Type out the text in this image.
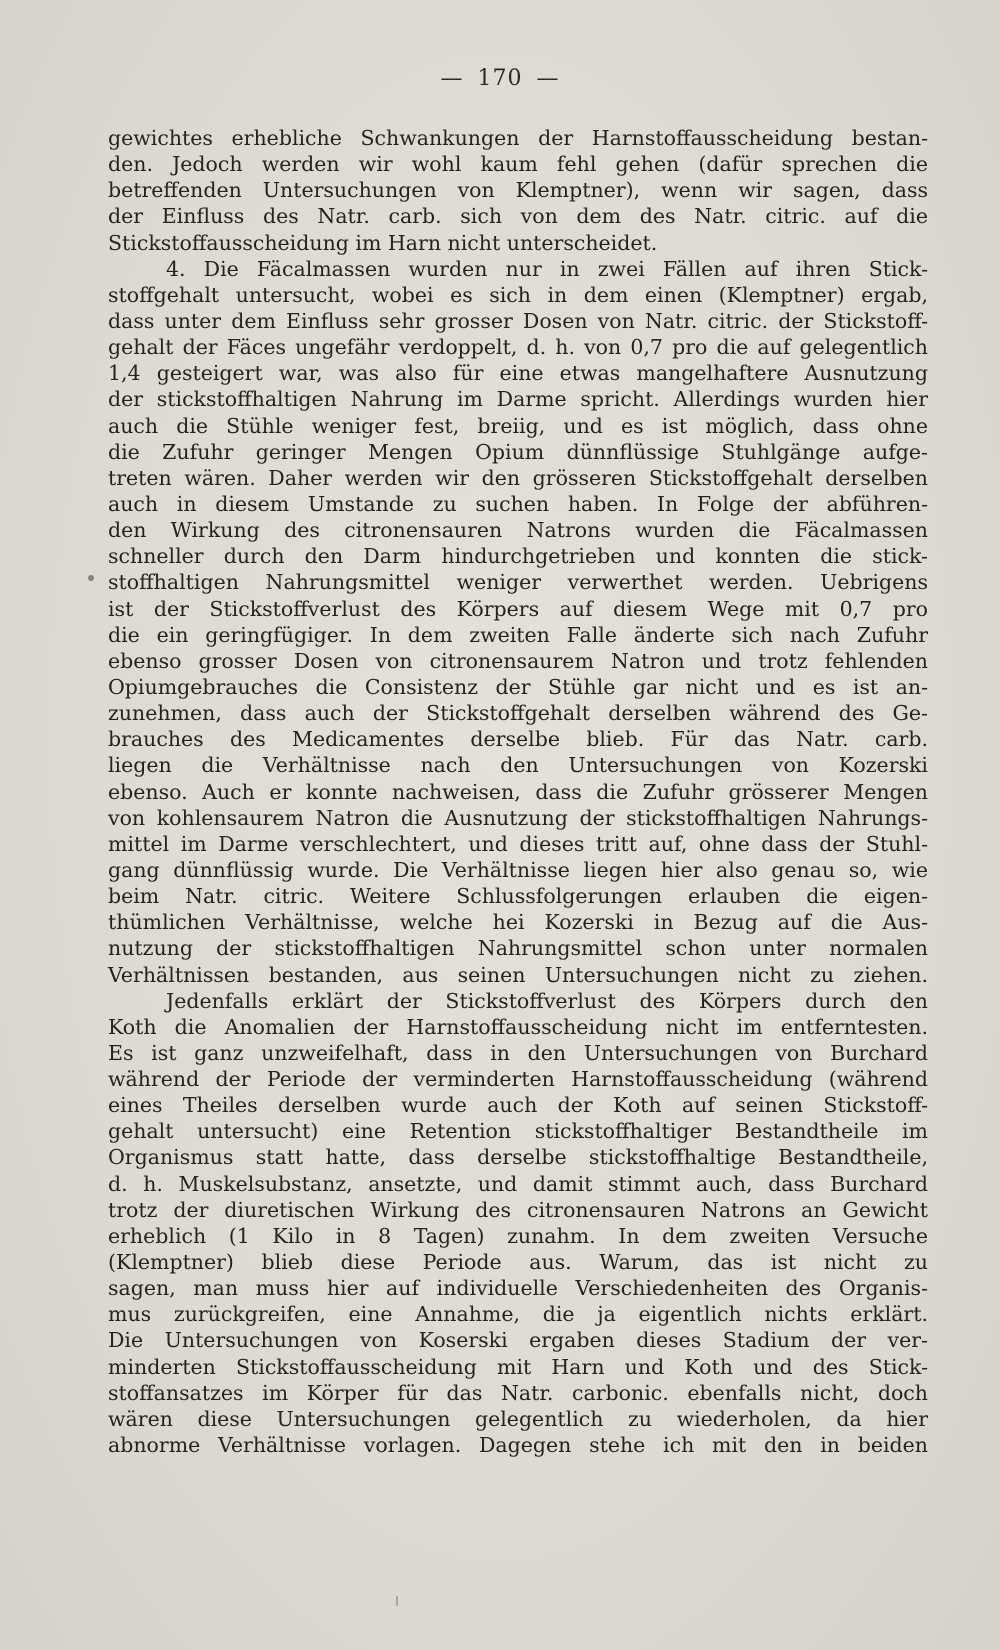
— 170 —
gewichtes erhebliche Schwankungen der Harnstoffausscheidung bestan-
den. Jedoch werden wir wohl kaum fehl gehen (dafür sprechen die
betreffenden Untersuchungen von Klemptner), wenn wir sagen, dass
der Einfluss des Natr. carb. sich von dem des Natr. citric. auf die
Stickstoffausscheidung im Harn nicht unterscheidet.
4. Die Fäcalmassen wurden nur in zwei Fällen auf ihren Stick-
stoffgehalt untersucht, wobei es sich in dem einen (Klemptner) ergab,
dass unter dem Einfluss sehr grosser Dosen von Natr. citric. der Stickstoff-
gehalt der Fäces ungefähr verdoppelt, d. h. von 0,7 pro die auf gelegentlich
1,4 gesteigert war, was also für eine etwas mangelhaftere Ausnutzung
der stickstoffhaltigen Nahrung im Darme spricht. Allerdings wurden hier
auch die Stühle weniger fest, breiig, und es ist möglich, dass ohne
die Zufuhr geringer Mengen Opium dünnflüssige Stuhlgänge aufge-
treten wären. Daher werden wir den grösseren Stickstoffgehalt derselben
auch in diesem Umstande zu suchen haben. In Folge der abführen-
den Wirkung des citronensauren Natrons wurden die Fäcalmassen
schneller durch den Darm hindurchgetrieben und konnten die stick-
stoffhaltigen Nahrungsmittel weniger verwerthet werden. Uebrigens
ist der Stickstoffverlust des Körpers auf diesem Wege mit 0,7 pro
die ein geringfügiger. In dem zweiten Falle änderte sich nach Zufuhr
ebenso grosser Dosen von citronensaurem Natron und trotz fehlenden
Opiumgebrauches die Consistenz der Stühle gar nicht und es ist an-
zunehmen, dass auch der Stickstoffgehalt derselben während des Ge-
brauches des Medicamentes derselbe blieb. Für das Natr. carb.
liegen die Verhältnisse nach den Untersuchungen von Kozerski
ebenso. Auch er konnte nachweisen, dass die Zufuhr grösserer Mengen
von kohlensaurem Natron die Ausnutzung der stickstoffhaltigen Nahrungs-
mittel im Darme verschlechtert, und dieses tritt auf, ohne dass der Stuhl-
gang dünnflüssig wurde. Die Verhältnisse liegen hier also genau so, wie
beim Natr. citric. Weitere Schlussfolgerungen erlauben die eigen-
thümlichen Verhältnisse, welche hei Kozerski in Bezug auf die Aus-
nutzung der stickstoffhaltigen Nahrungsmittel schon unter normalen
Verhältnissen bestanden, aus seinen Untersuchungen nicht zu ziehen.
Jedenfalls erklärt der Stickstoffverlust des Körpers durch den
Koth die Anomalien der Harnstoffausscheidung nicht im entferntesten.
Es ist ganz unzweifelhaft, dass in den Untersuchungen von Burchard
während der Periode der verminderten Harnstoffausscheidung (während
eines Theiles derselben wurde auch der Koth auf seinen Stickstoff-
gehalt untersucht) eine Retention stickstoffhaltiger Bestandtheile im
Organismus statt hatte, dass derselbe stickstoffhaltige Bestandtheile,
d. h. Muskelsubstanz, ansetzte, und damit stimmt auch, dass Burchard
trotz der diuretischen Wirkung des citronensauren Natrons an Gewicht
erheblich (1 Kilo in 8 Tagen) zunahm. In dem zweiten Versuche
(Klemptner) blieb diese Periode aus. Warum, das ist nicht zu
sagen, man muss hier auf individuelle Verschiedenheiten des Organis-
mus zurückgreifen, eine Annahme, die ja eigentlich nichts erklärt.
Die Untersuchungen von Koserski ergaben dieses Stadium der ver-
minderten Stickstoffausscheidung mit Harn und Koth und des Stick-
stoffansatzes im Körper für das Natr. carbonic. ebenfalls nicht, doch
wären diese Untersuchungen gelegentlich zu wiederholen, da hier
abnorme Verhältnisse vorlagen. Dagegen stehe ich mit den in beiden
